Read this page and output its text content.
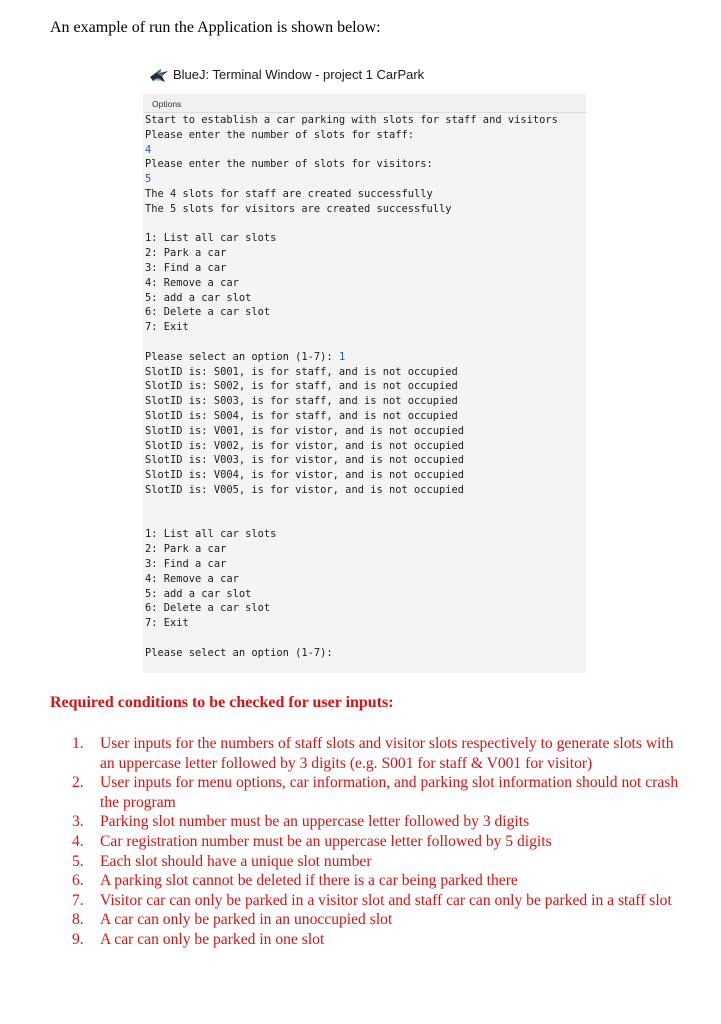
An example of run the Application is shown below:
BlueJ: Terminal Window - project 1 CarPark
Options
Start to establish a car parking with slots for staff and visitors
Please enter the number of slots for staff:
4
Please enter the number of slots for visitors:
5
The 4 slots for staff are created successfully
The 5 slots for visitors are created successfully
1: List all car slots
2: Park a car
3: Find a car
4: Remove a car
5: add a car slot
6: Delete a car slot
7: Exit
Please select an option (1-7): 1
SlotID is: S001, is for staff, and is not occupied
SlotID is: S002, is for staff, and is not occupied
SlotID is: S003, is for staff, and is not occupied
SlotID is: S004, is for staff, and is not occupied
SlotID is: V001, is for vistor, and is not occupied
SlotID is: V002, is for vistor, and is not occupied
SlotID is: V003, is for vistor, and is not occupied
SlotID is: V004, is for vistor, and is not occupied
SlotID is: V005, is for vistor, and is not occupied
1: List all car slots
2: Park a car
3: Find a car
4: Remove a car
5: add a car slot
6: Delete a car slot
7: Exit
Please select an option (1-7):
Required conditions to be checked for user inputs:
1. User inputs for the numbers of staff slots and visitor slots respectively to generate slots with an uppercase letter followed by 3 digits (e.g. S001 for staff & V001 for visitor)
2. User inputs for menu options, car information, and parking slot information should not crash the program
3. Parking slot number must be an uppercase letter followed by 3 digits
4. Car registration number must be an uppercase letter followed by 5 digits
5. Each slot should have a unique slot number
6. A parking slot cannot be deleted if there is a car being parked there
7. Visitor car can only be parked in a visitor slot and staff car can only be parked in a staff slot
8. A car can only be parked in an unoccupied slot
9. A car can only be parked in one slot
